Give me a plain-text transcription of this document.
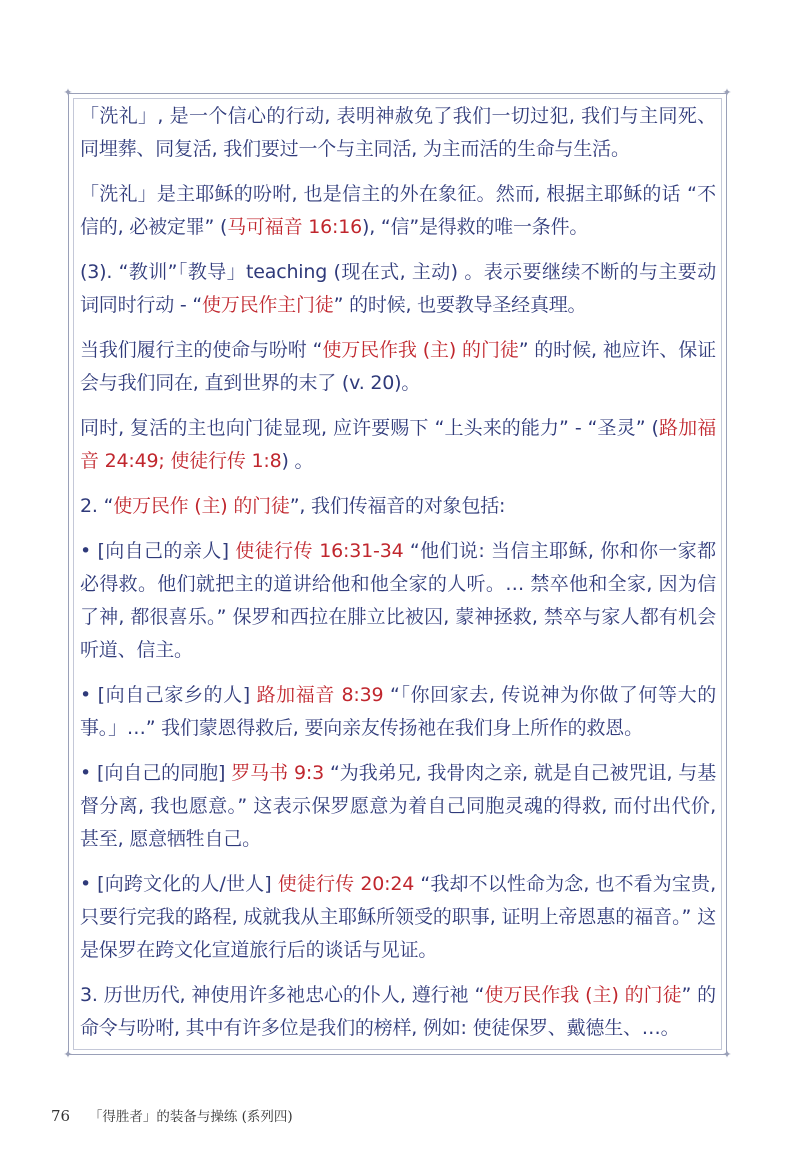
✦	✦
✦	✦

「洗礼」, 是一个信心的行动, 表明神赦免了我们一切过犯, 我们与主同死、同埋葬、同复活, 我们要过一个与主同活, 为主而活的生命与生活。

「洗礼」是主耶稣的吩咐, 也是信主的外在象征。然而, 根据主耶稣的话 “不信的, 必被定罪” (马可福音 16:16), “信”是得救的唯一条件。

(3). “教训”「教导」teaching (现在式, 主动) 。表示要继续不断的与主要动词同时行动 - “使万民作主门徒” 的时候, 也要教导圣经真理。

当我们履行主的使命与吩咐 “使万民作我 (主) 的门徒” 的时候, 祂应许、保证会与我们同在, 直到世界的末了 (v. 20)。

同时, 复活的主也向门徒显现, 应许要赐下 “上头来的能力” - “圣灵” (路加福音 24:49; 使徒行传 1:8) 。

2. “使万民作 (主) 的门徒”, 我们传福音的对象包括:

• [向自己的亲人] 使徒行传 16:31-34 “他们说: 当信主耶稣, 你和你一家都必得救。他们就把主的道讲给他和他全家的人听。… 禁卒他和全家, 因为信了神, 都很喜乐。” 保罗和西拉在腓立比被囚, 蒙神拯救, 禁卒与家人都有机会听道、信主。

• [向自己家乡的人] 路加福音 8:39 “「你回家去, 传说神为你做了何等大的事。」…” 我们蒙恩得救后, 要向亲友传扬祂在我们身上所作的救恩。

• [向自己的同胞] 罗马书 9:3 “为我弟兄, 我骨肉之亲, 就是自己被咒诅, 与基督分离, 我也愿意。” 这表示保罗愿意为着自己同胞灵魂的得救, 而付出代价, 甚至, 愿意牺牲自己。

• [向跨文化的人/世人] 使徒行传 20:24 “我却不以性命为念, 也不看为宝贵, 只要行完我的路程, 成就我从主耶稣所领受的职事, 证明上帝恩惠的福音。” 这是保罗在跨文化宣道旅行后的谈话与见证。

3. 历世历代, 神使用许多祂忠心的仆人, 遵行祂 “使万民作我 (主) 的门徒” 的命令与吩咐, 其中有许多位是我们的榜样, 例如: 使徒保罗、戴德生、…。

76 「得胜者」的装备与操练 (系列四)
